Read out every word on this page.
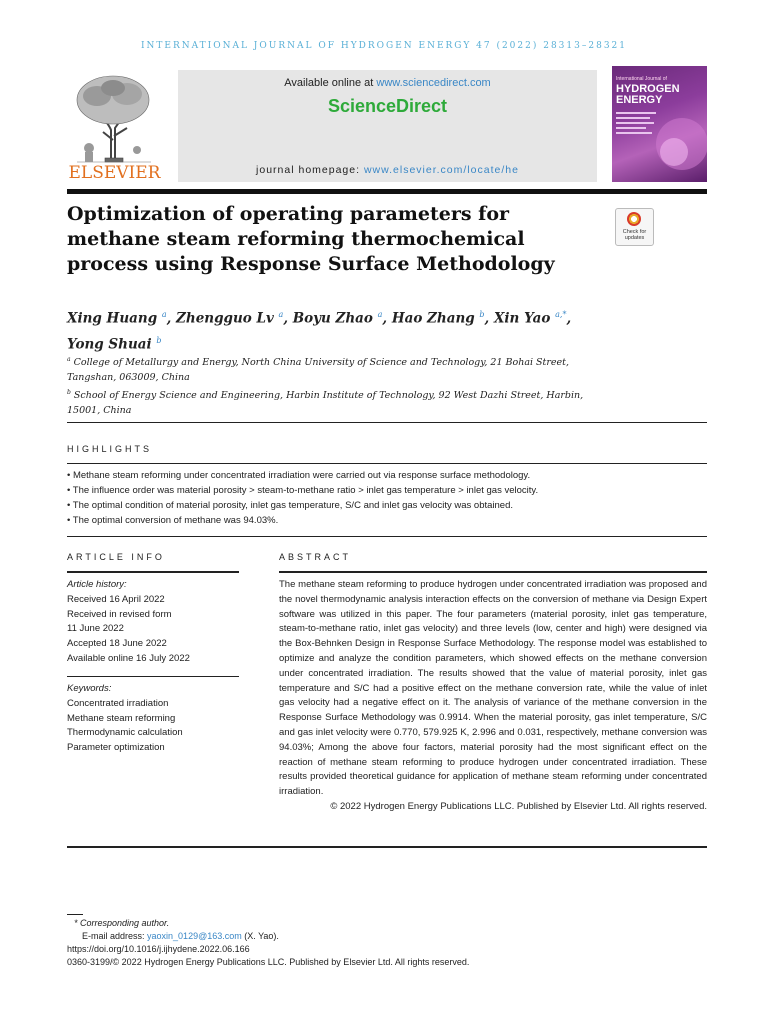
INTERNATIONAL JOURNAL OF HYDROGEN ENERGY 47 (2022) 28313–28321
ELSEVIER
Available online at www.sciencedirect.com
ScienceDirect
journal homepage: www.elsevier.com/locate/he
International Journal of
HYDROGEN
ENERGY
Optimization of operating parameters for methane steam reforming thermochemical process using Response Surface Methodology
Check for updates
Xing Huang $^a$, Zhengguo Lv $^a$, Boyu Zhao $^a$, Hao Zhang $^b$, Xin Yao $^{a,*}$,
Yong Shuai $^b$
$^a$ College of Metallurgy and Energy, North China University of Science and Technology, 21 Bohai Street, Tangshan, 063009, China
$^b$ School of Energy Science and Engineering, Harbin Institute of Technology, 92 West Dazhi Street, Harbin, 15001, China
HIGHLIGHTS
• Methane steam reforming under concentrated irradiation were carried out via response surface methodology.
• The influence order was material porosity > steam-to-methane ratio > inlet gas temperature > inlet gas velocity.
• The optimal condition of material porosity, inlet gas temperature, S/C and inlet gas velocity was obtained.
• The optimal conversion of methane was 94.03%.
ARTICLE INFO
Article history:
Received 16 April 2022
Received in revised form
11 June 2022
Accepted 18 June 2022
Available online 16 July 2022
Keywords:
Concentrated irradiation
Methane steam reforming
Thermodynamic calculation
Parameter optimization
ABSTRACT
The methane steam reforming to produce hydrogen under concentrated irradiation was proposed and the novel thermodynamic analysis interaction effects on the conversion of methane via Design Expert software was utilized in this paper. The four parameters (material porosity, inlet gas temperature, steam-to-methane ratio, inlet gas velocity) and three levels (low, center and high) were designed via the Box-Behnken Design in Response Surface Methodology. The response model was established to optimize and analyze the condition parameters, which showed effects on the methane conversion under concentrated irradiation. The results showed that the value of material porosity, inlet gas temperature and S/C had a positive effect on the methane conversion rate, while the value of inlet gas velocity had a negative effect on it. The analysis of variance of the methane conversion in the Response Surface Methodology was 0.9914. When the material porosity, gas inlet temperature, S/C and gas inlet velocity were 0.770, 579.925 K, 2.996 and 0.031, respectively, methane conversion was 94.03%; Among the above four factors, material porosity had the most significant effect on the reaction of methane steam reforming to produce hydrogen under concentrated irradiation. These results provided theoretical guidance for application of methane steam reforming under concentrated irradiation.
© 2022 Hydrogen Energy Publications LLC. Published by Elsevier Ltd. All rights reserved.
* Corresponding author.
E-mail address: yaoxin_0129@163.com (X. Yao).
https://doi.org/10.1016/j.ijhydene.2022.06.166
0360-3199/© 2022 Hydrogen Energy Publications LLC. Published by Elsevier Ltd. All rights reserved.
